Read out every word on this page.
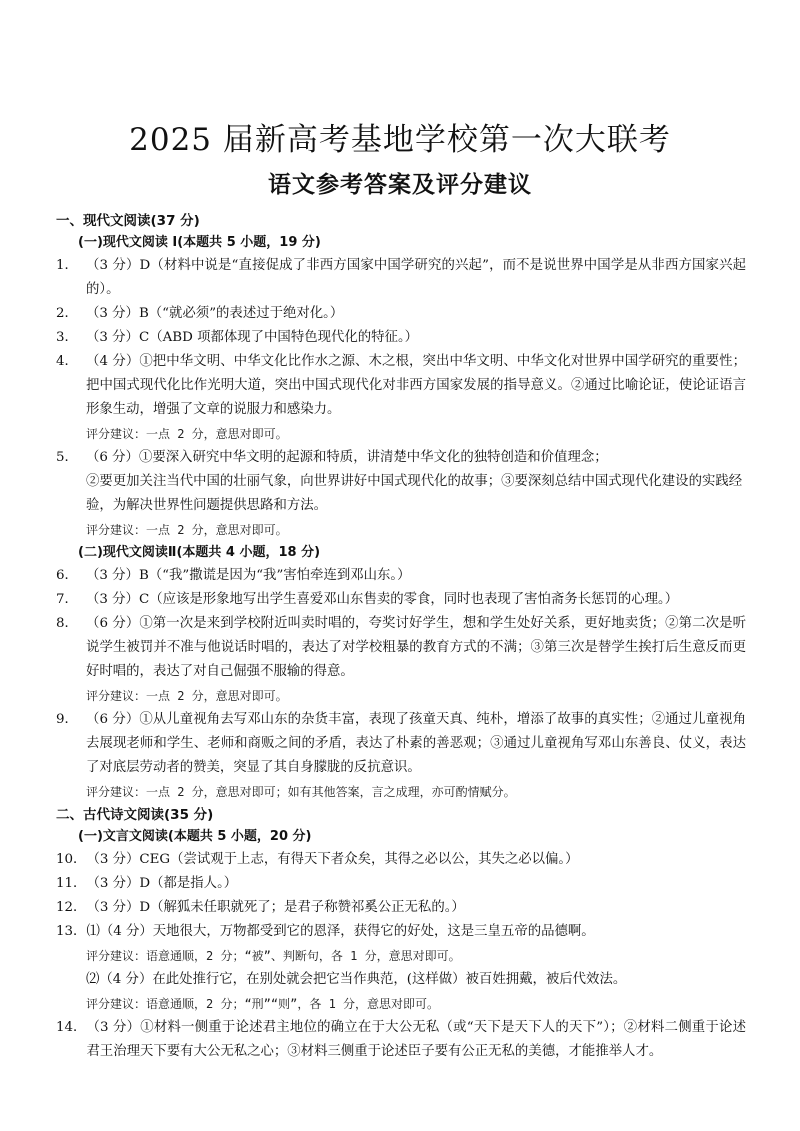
2025 届新高考基地学校第一次大联考
语文参考答案及评分建议
一、现代文阅读(37 分)
(一)现代文阅读 I(本题共 5 小题，19 分)
1． （3 分）D（材料中说是“直接促成了非西方国家中国学研究的兴起”，而不是说世界中国学是从非西方国家兴起的）。
2． （3 分）B（“就必须”的表述过于绝对化。）
3． （3 分）C（ABD 项都体现了中国特色现代化的特征。）
4． （4 分）①把中华文明、中华文化比作水之源、木之根，突出中华文明、中华文化对世界中国学研究的重要性；把中国式现代化比作光明大道，突出中国式现代化对非西方国家发展的指导意义。②通过比喻论证，使论证语言形象生动，增强了文章的说服力和感染力。
评分建议：一点 2 分，意思对即可。
5． （6 分）①要深入研究中华文明的起源和特质，讲清楚中华文化的独特创造和价值理念；
②要更加关注当代中国的壮丽气象，向世界讲好中国式现代化的故事；③要深刻总结中国式现代化建设的实践经验，为解决世界性问题提供思路和方法。
评分建议：一点 2 分，意思对即可。
(二)现代文阅读Ⅱ(本题共 4 小题，18 分)
6． （3 分）B（“我”撒谎是因为“我”害怕牵连到邓山东。）
7． （3 分）C（应该是形象地写出学生喜爱邓山东售卖的零食，同时也表现了害怕斋务长惩罚的心理。）
8． （6 分）①第一次是来到学校附近叫卖时唱的，夸奖讨好学生，想和学生处好关系，更好地卖货；②第二次是听说学生被罚并不准与他说话时唱的，表达了对学校粗暴的教育方式的不满；③第三次是替学生挨打后生意反而更好时唱的，表达了对自己倔强不服输的得意。
评分建议：一点 2 分，意思对即可。
9． （6 分）①从儿童视角去写邓山东的杂货丰富，表现了孩童天真、纯朴，增添了故事的真实性；②通过儿童视角去展现老师和学生、老师和商贩之间的矛盾，表达了朴素的善恶观；③通过儿童视角写邓山东善良、仗义，表达了对底层劳动者的赞美，突显了其自身朦胧的反抗意识。
评分建议：一点 2 分，意思对即可；如有其他答案，言之成理，亦可酌情赋分。
二、古代诗文阅读(35 分)
(一)文言文阅读(本题共 5 小题，20 分)
10． （3 分）CEG（尝试观于上志，有得天下者众矣，其得之必以公，其失之必以偏。）
11． （3 分）D（都是指人。）
12． （3 分）D（解狐未任职就死了；是君子称赞祁奚公正无私的。）
13． ⑴（4 分）天地很大，万物都受到它的恩泽，获得它的好处，这是三皇五帝的品德啊。
评分建议：语意通顺，2 分；“被”、判断句，各 1 分，意思对即可。
⑵（4 分）在此处推行它，在别处就会把它当作典范，(这样做）被百姓拥戴，被后代效法。
评分建议：语意通顺，2 分；“刑”“则”，各 1 分，意思对即可。
14． （3 分）①材料一侧重于论述君主地位的确立在于大公无私（或“天下是天下人的天下”）；②材料二侧重于论述君王治理天下要有大公无私之心；③材料三侧重于论述臣子要有公正无私的美德，才能推举人才。
